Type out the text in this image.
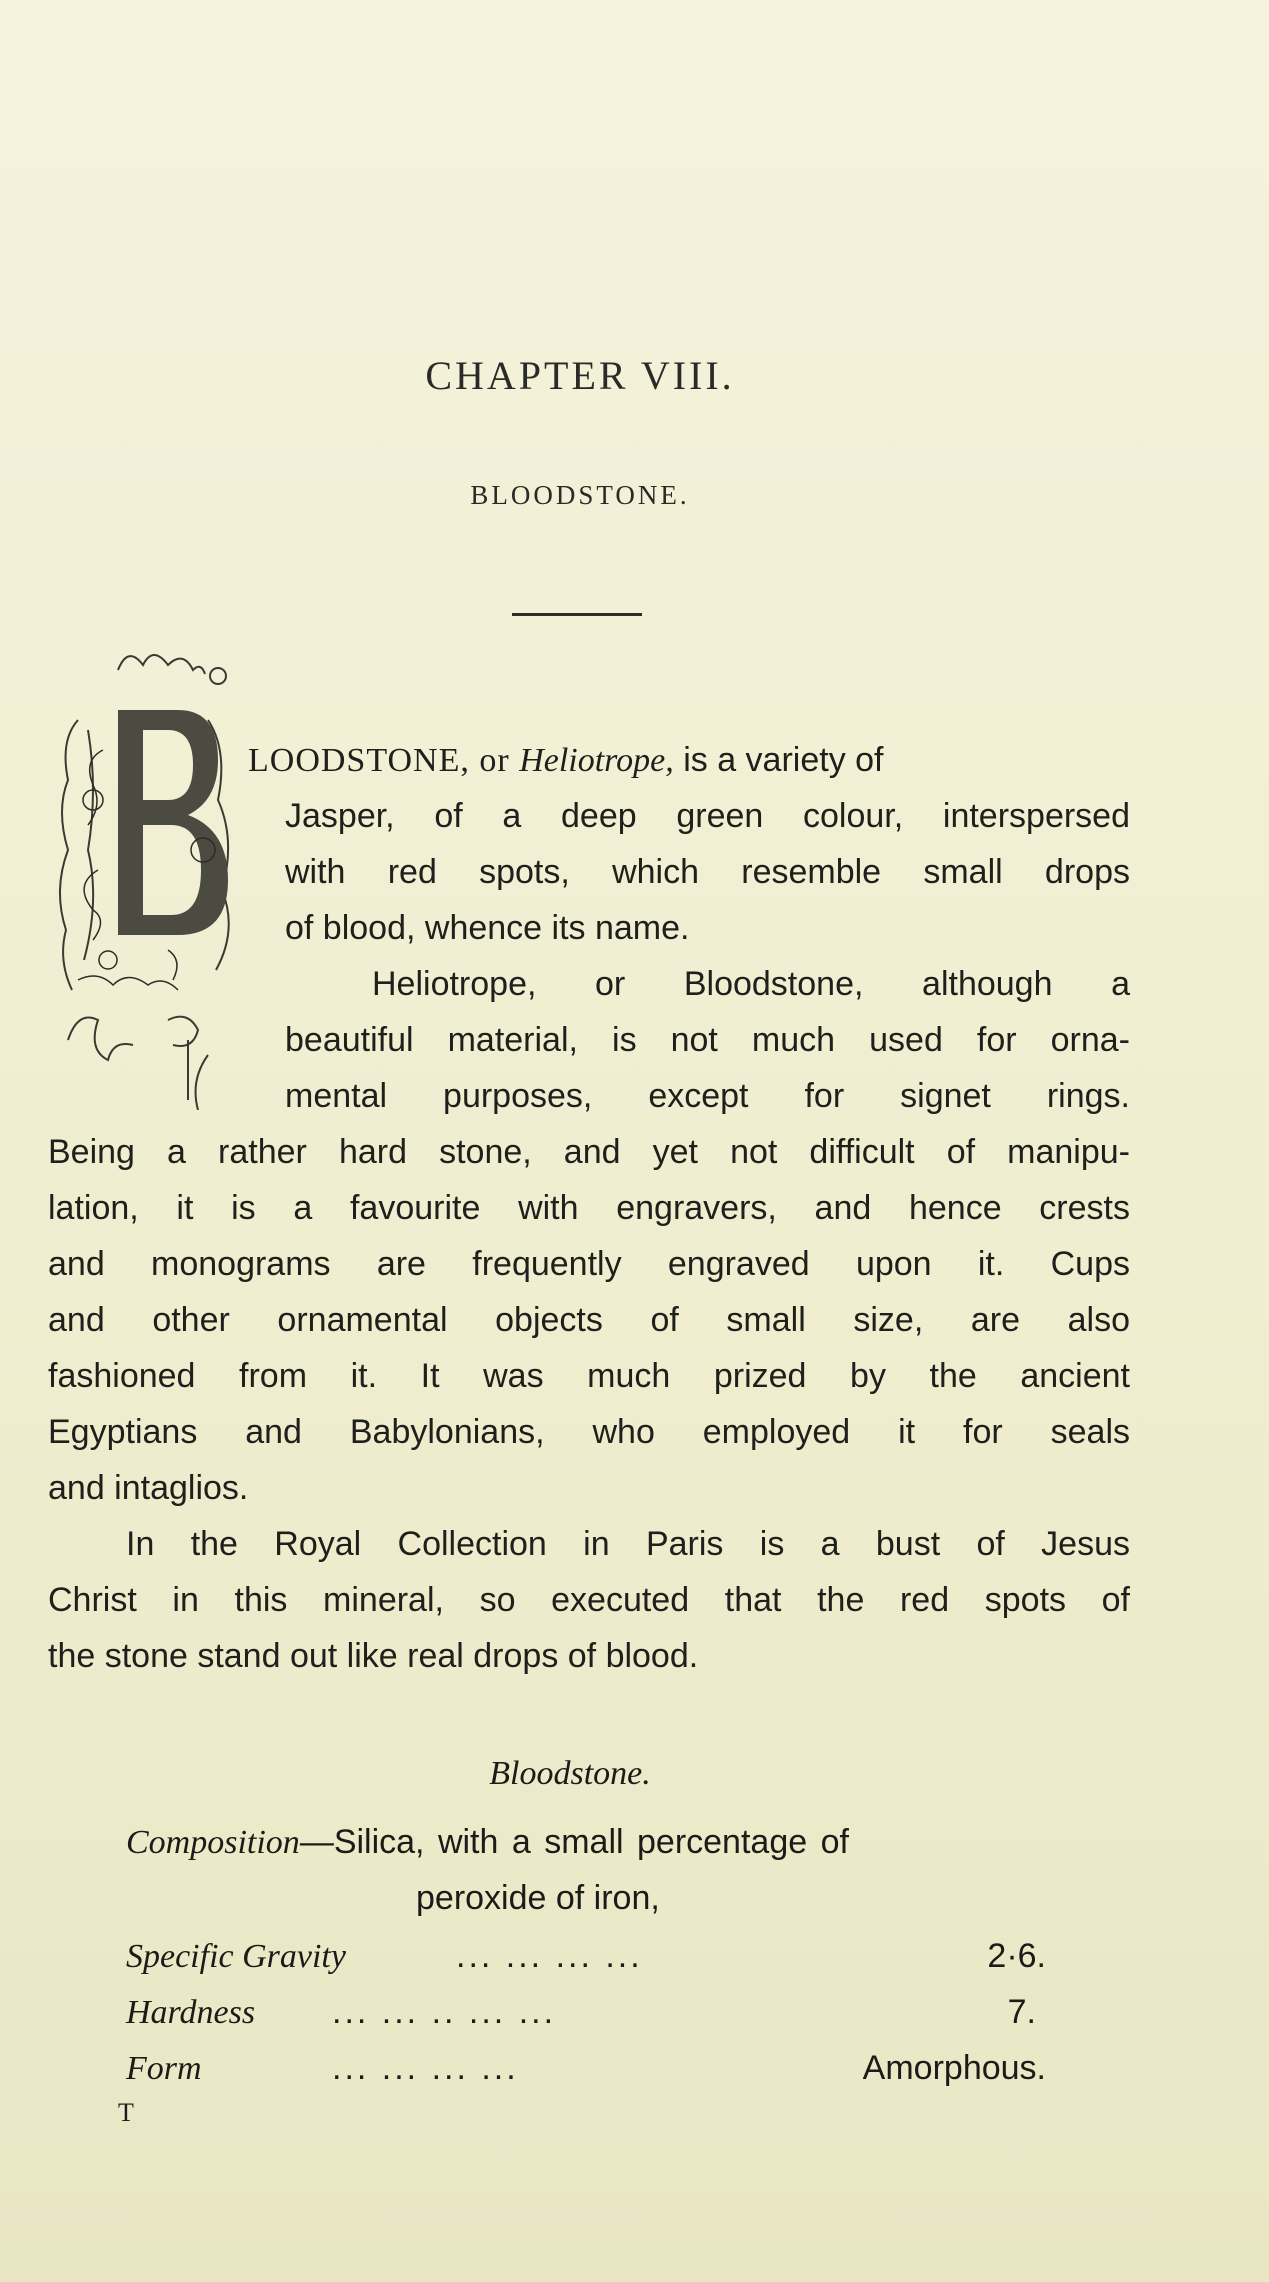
CHAPTER VIII.
BLOODSTONE.
LOODSTONE, or Heliotrope, is a variety of
Jasper, of a deep green colour, interspersed
with red spots, which resemble small drops
of blood, whence its name.
Heliotrope, or Bloodstone, although a
beautiful material, is not much used for orna-
mental purposes, except for signet rings.
Being a rather hard stone, and yet not difficult of manipu-
lation, it is a favourite with engravers, and hence crests
and monograms are frequently engraved upon it. Cups
and other ornamental objects of small size, are also
fashioned from it. It was much prized by the ancient
Egyptians and Babylonians, who employed it for seals
and intaglios.
In the Royal Collection in Paris is a bust of Jesus
Christ in this mineral, so executed that the red spots of
the stone stand out like real drops of blood.
Bloodstone.
Composition—Silica, with a small percentage of
peroxide of iron,
Specific Gravity	... ... ... ...	2·6.
Hardness ... ... .. ... ...	7.
Form	... ... ... ...	Amorphous.
T
